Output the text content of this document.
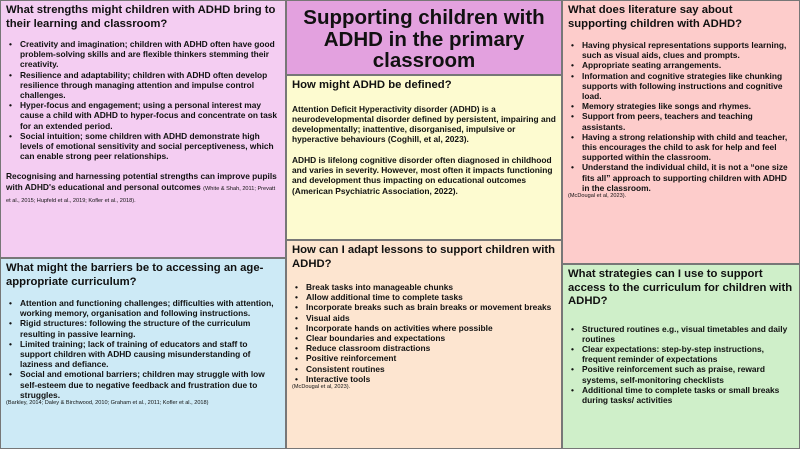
What strengths might children with ADHD bring to their learning and classroom?
• Creativity and imagination; children with ADHD often have good problem-solving skills and are flexible thinkers stemming their creativity.
• Resilience and adaptability; children with ADHD often develop resilience through managing attention and impulse control challenges.
• Hyper-focus and engagement; using a personal interest may cause a child with ADHD to hyper-focus and concentrate on task for an extended period.
• Social intuition; some children with ADHD demonstrate high levels of emotional sensitivity and social perceptiveness, which can enable strong peer relationships.

Recognising and harnessing potential strengths can improve pupils with ADHD's educational and personal outcomes (White & Shah, 2011; Prevatt et al., 2015; Hupfeld et al., 2019; Kofler et al., 2018).

Supporting children with ADHD in the primary classroom
How might ADHD be defined?

Attention Deficit Hyperactivity disorder (ADHD) is a neurodevelopmental disorder defined by persistent, impairing and developmentally; inattentive, disorganised, impulsive or hyperactive behaviours (Coghill, et al, 2023).

ADHD is lifelong cognitive disorder often diagnosed in childhood and varies in severity. However, most often it impacts functioning and development thus impacting on educational outcomes (American Psychiatric Association, 2022).

What does literature say about supporting children with ADHD?
• Having physical representations supports learning, such as visual aids, clues and prompts.
• Appropriate seating arrangements.
• Information and cognitive strategies like chunking supports with following instructions and cognitive load.
• Memory strategies like songs and rhymes.
• Support from peers, teachers and teaching assistants.
• Having a strong relationship with child and teacher, this encourages the child to ask for help and feel supported within the classroom.
• Understand the individual child, it is not a “one size fits all” approach to supporting children with ADHD in the classroom.

(McDougal et al, 2023).

What might the barriers be to accessing an age-appropriate curriculum?
• Attention and functioning challenges; difficulties with attention, working memory, organisation and following instructions.
• Rigid structures: following the structure of the curriculum resulting in passive learning.
• Limited training; lack of training of educators and staff to support children with ADHD causing misunderstanding of laziness and defiance.
• Social and emotional barriers; children may struggle with low self-esteem due to negative feedback and frustration due to struggles.

(Barkley, 2014; Daley & Birchwood, 2010; Graham et al., 2011; Kofler et al., 2018)

How can I adapt lessons to support children with ADHD?
• Break tasks into manageable chunks
• Allow additional time to complete tasks
• Incorporate breaks such as brain breaks or movement breaks
• Visual aids
• Incorporate hands on activities where possible
• Clear boundaries and expectations
• Reduce classroom distractions
• Positive reinforcement
• Consistent routines
• Interactive tools

(McDougal et al, 2023).

What strategies can I use to support access to the curriculum for children with ADHD?
• Structured routines e.g., visual timetables and daily routines
• Clear expectations: step-by-step instructions, frequent reminder of expectations
• Positive reinforcement such as praise, reward systems, self-monitoring checklists
• Additional time to complete tasks or small breaks during tasks/ activities
